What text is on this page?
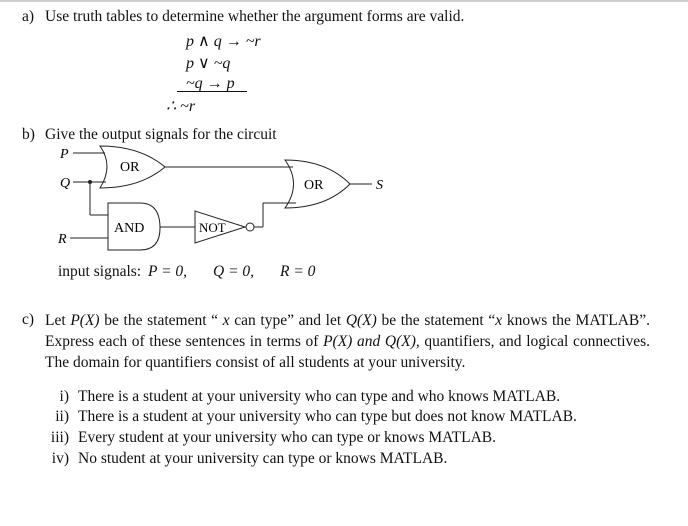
a) Use truth tables to determine whether the argument forms are valid.
p ∧ q → ~r
p ∨ ~q
~q → p
∴ ~r
b) Give the output signals for the circuit
P
Q
R
S
OR
AND	NOT
OR
input signals: P = 0, Q = 0, R = 0
c) Let P(X) be the statement “ x can type” and let Q(X) be the statement “x knows the MATLAB”. Express each of these sentences in terms of P(X) and Q(X), quantifiers, and logical connectives. The domain for quantifiers consist of all students at your university.
i) There is a student at your university who can type and who knows MATLAB.
ii) There is a student at your university who can type but does not know MATLAB.
iii) Every student at your university who can type or knows MATLAB.
iv) No student at your university can type or knows MATLAB.
